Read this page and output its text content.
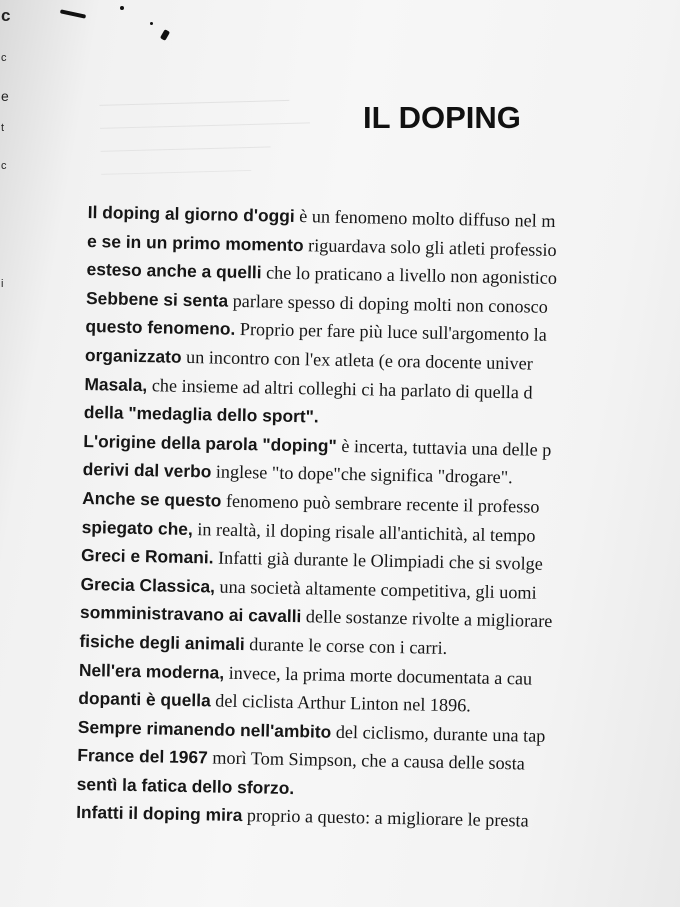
c
c
e
t
c
i
IL DOPING
Il doping al giorno d'oggi è un fenomeno molto diffuso nel m
e se in un primo momento riguardava solo gli atleti professio
esteso anche a quelli che lo praticano a livello non agonistico
Sebbene si senta parlare spesso di doping molti non conosco
questo fenomeno. Proprio per fare più luce sull'argomento la
organizzato un incontro con l'ex atleta (e ora docente univer
Masala, che insieme ad altri colleghi ci ha parlato di quella d
della "medaglia dello sport".
L'origine della parola "doping" è incerta, tuttavia una delle p
derivi dal verbo inglese "to dope"che significa "drogare".
Anche se questo fenomeno può sembrare recente il professo
spiegato che, in realtà, il doping risale all'antichità, al tempo
Greci e Romani. Infatti già durante le Olimpiadi che si svolge
Grecia Classica, una società altamente competitiva, gli uomi
somministravano ai cavalli delle sostanze rivolte a migliorare
fisiche degli animali durante le corse con i carri.
Nell'era moderna, invece, la prima morte documentata a cau
dopanti è quella del ciclista Arthur Linton nel 1896.
Sempre rimanendo nell'ambito del ciclismo, durante una tap
France del 1967 morì Tom Simpson, che a causa delle sosta
sentì la fatica dello sforzo.
Infatti il doping mira proprio a questo: a migliorare le presta
